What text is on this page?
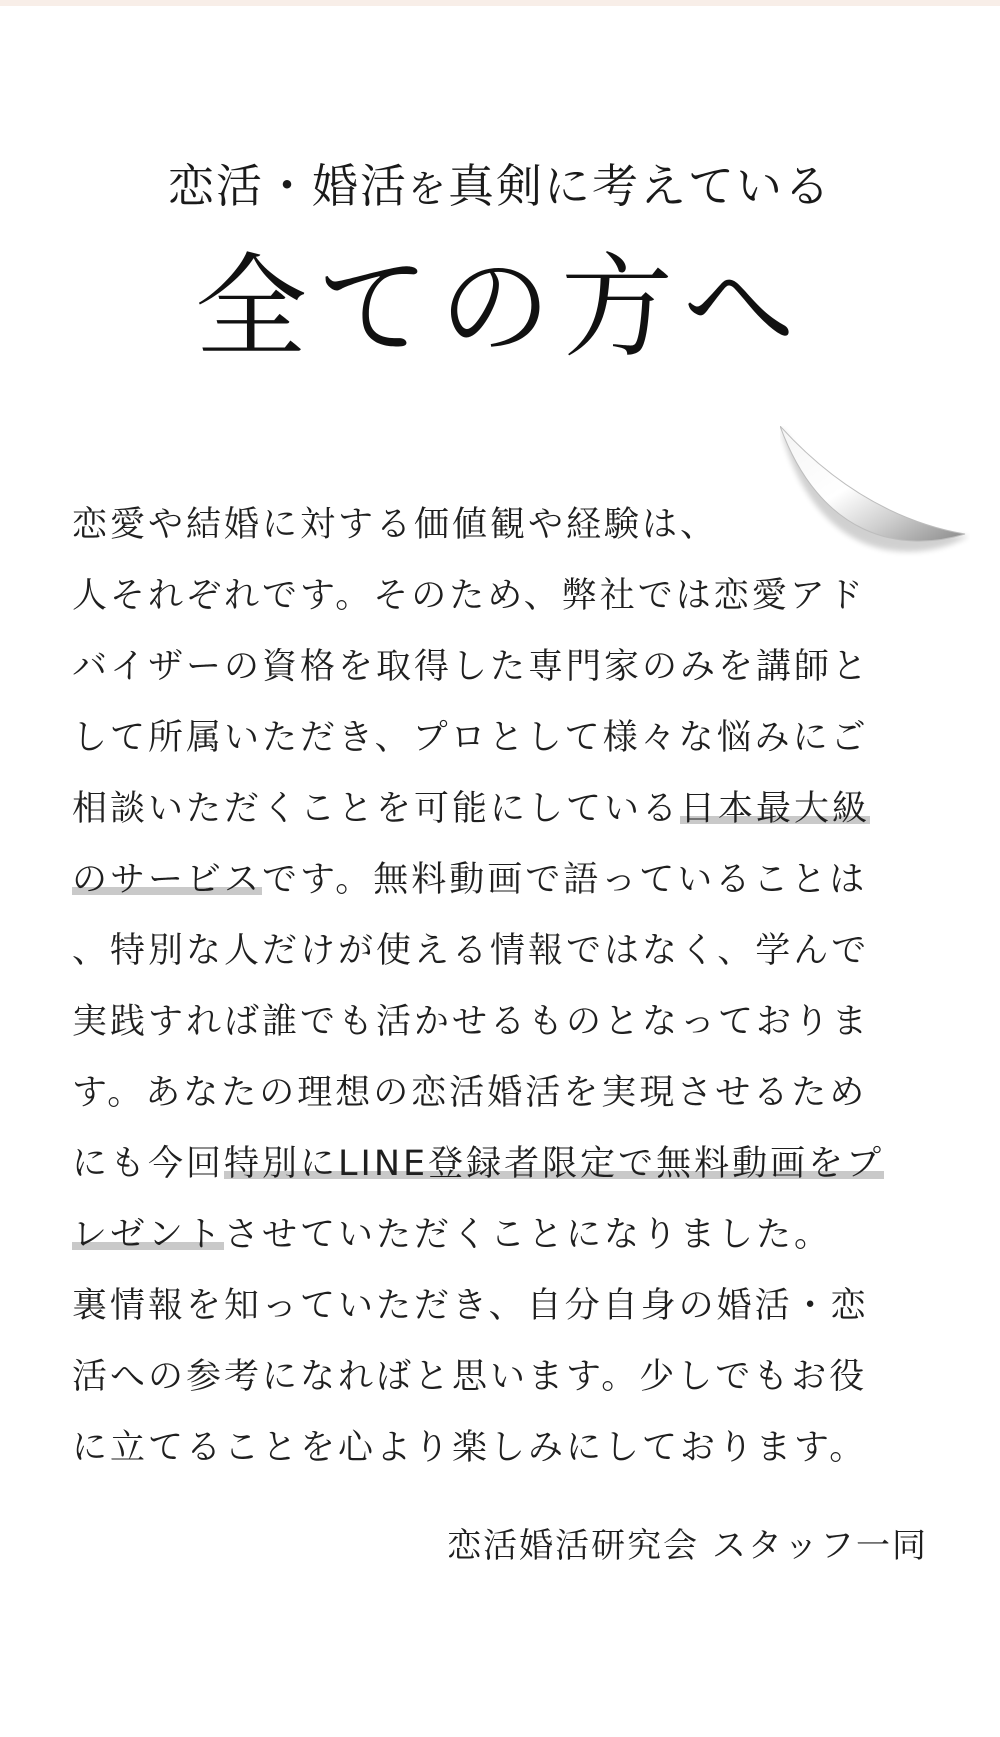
恋活・婚活を真剣に考えている
全ての方へ
恋愛や結婚に対する価値観や経験は、
人それぞれです。そのため、弊社では恋愛アド
バイザーの資格を取得した専門家のみを講師と
して所属いただき、プロとして様々な悩みにご
相談いただくことを可能にしている日本最大級
のサービスです。無料動画で語っていることは
、特別な人だけが使える情報ではなく、学んで
実践すれば誰でも活かせるものとなっておりま
す。あなたの理想の恋活婚活を実現させるため
にも今回特別にLINE登録者限定で無料動画をプ
レゼントさせていただくことになりました。
裏情報を知っていただき、自分自身の婚活・恋
活への参考になればと思います。少しでもお役
に立てることを心より楽しみにしております。
恋活婚活研究会 スタッフ一同
